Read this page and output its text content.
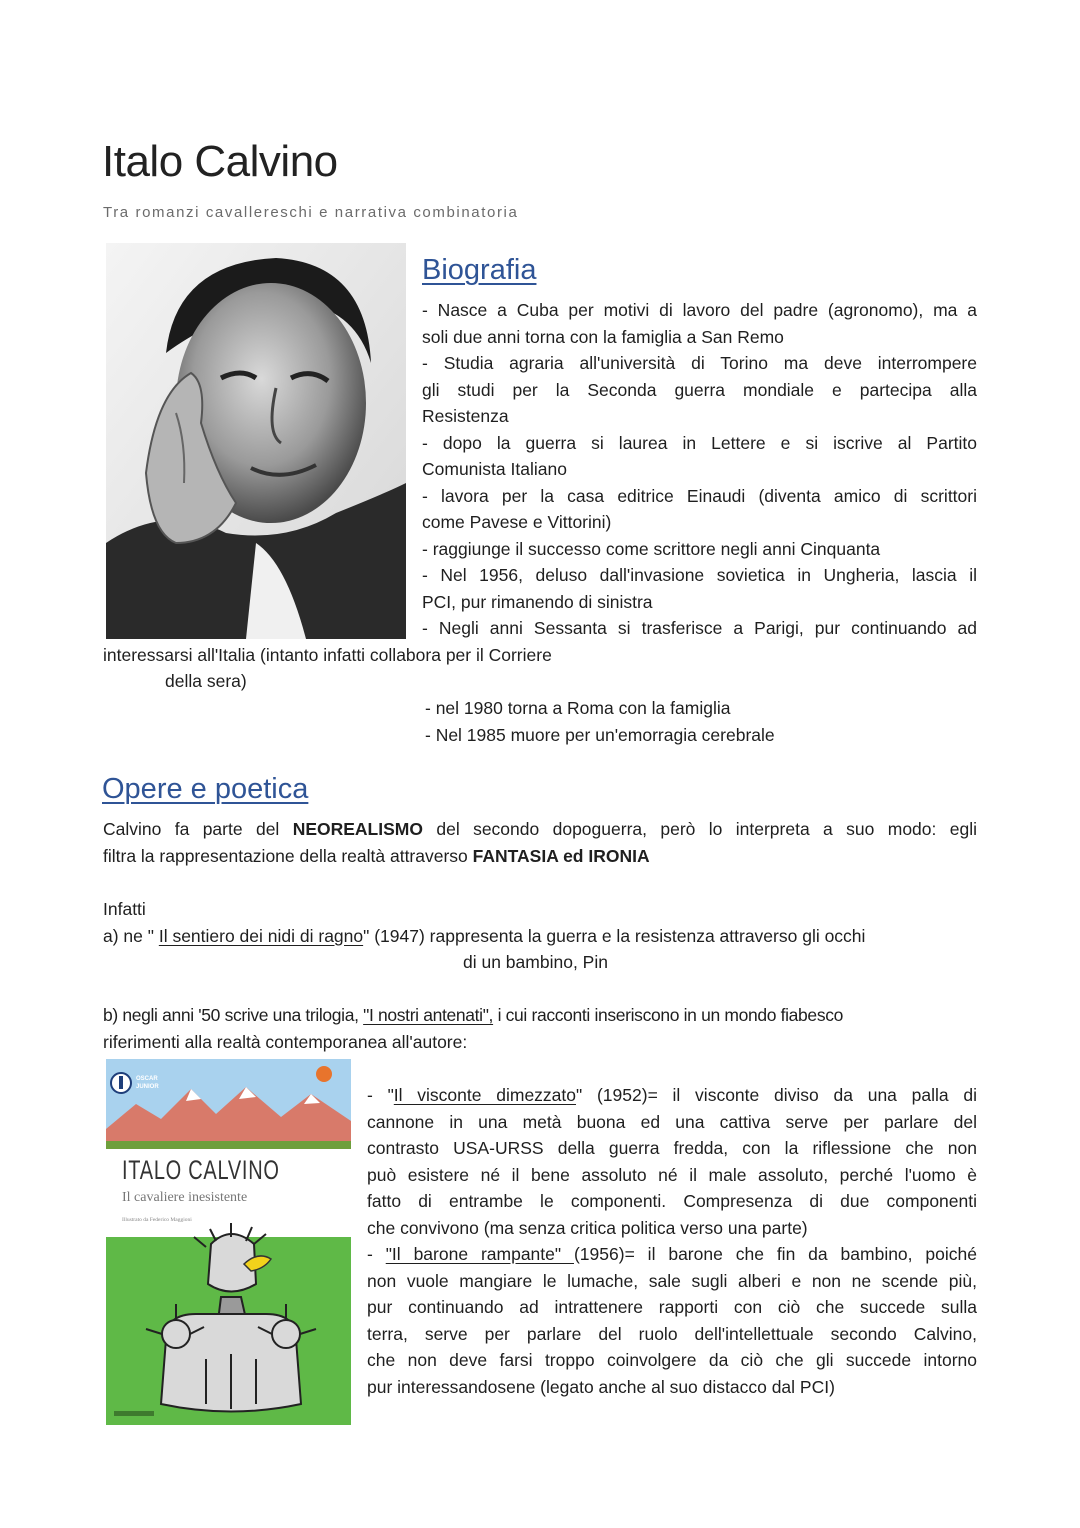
Italo Calvino
Tra romanzi cavallereschi e narrativa combinatoria
Biografia
- Nasce a Cuba per motivi di lavoro del padre (agronomo), ma a
soli due anni torna con la famiglia a San Remo
- Studia agraria all'università di Torino ma deve interrompere
gli studi per la Seconda guerra mondiale e partecipa alla
Resistenza
- dopo la guerra si laurea in Lettere e si iscrive al Partito
Comunista Italiano
- lavora per la casa editrice Einaudi (diventa amico di scrittori
come Pavese e Vittorini)
- raggiunge il successo come scrittore negli anni Cinquanta
- Nel 1956, deluso dall'invasione sovietica in Ungheria, lascia il
PCI, pur rimanendo di sinistra
- Negli anni Sessanta si trasferisce a Parigi, pur continuando ad
interessarsi all'Italia (intanto infatti collabora per il Corriere
della sera)
- nel 1980 torna a Roma con la famiglia
- Nel 1985 muore per un'emorragia cerebrale
Opere e poetica
Calvino fa parte del NEOREALISMO del secondo dopoguerra, però lo interpreta a suo modo: egli
filtra la rappresentazione della realtà attraverso FANTASIA ed IRONIA
Infatti
a) ne " Il sentiero dei nidi di ragno" (1947) rappresenta la guerra e la resistenza attraverso gli occhi
di un bambino, Pin
b) negli anni '50 scrive una trilogia, "I nostri antenati", i cui racconti inseriscono in un mondo fiabesco
riferimenti alla realtà contemporanea all'autore:
OSCAR
JUNIOR
ITALO CALVINO
Il cavaliere inesistente
Illustrato da Federico Maggioni
- "Il visconte dimezzato" (1952)= il visconte diviso da una palla di
cannone in una metà buona ed una cattiva serve per parlare del
contrasto USA-URSS della guerra fredda, con la riflessione che non
può esistere né il bene assoluto né il male assoluto, perché l'uomo è
fatto di entrambe le componenti. Compresenza di due componenti
che convivono (ma senza critica politica verso una parte)
- "Il barone rampante" (1956)= il barone che fin da bambino, poiché
non vuole mangiare le lumache, sale sugli alberi e non ne scende più,
pur continuando ad intrattenere rapporti con ciò che succede sulla
terra, serve per parlare del ruolo dell'intellettuale secondo Calvino,
che non deve farsi troppo coinvolgere da ciò che gli succede intorno
pur interessandosene (legato anche al suo distacco dal PCI)
